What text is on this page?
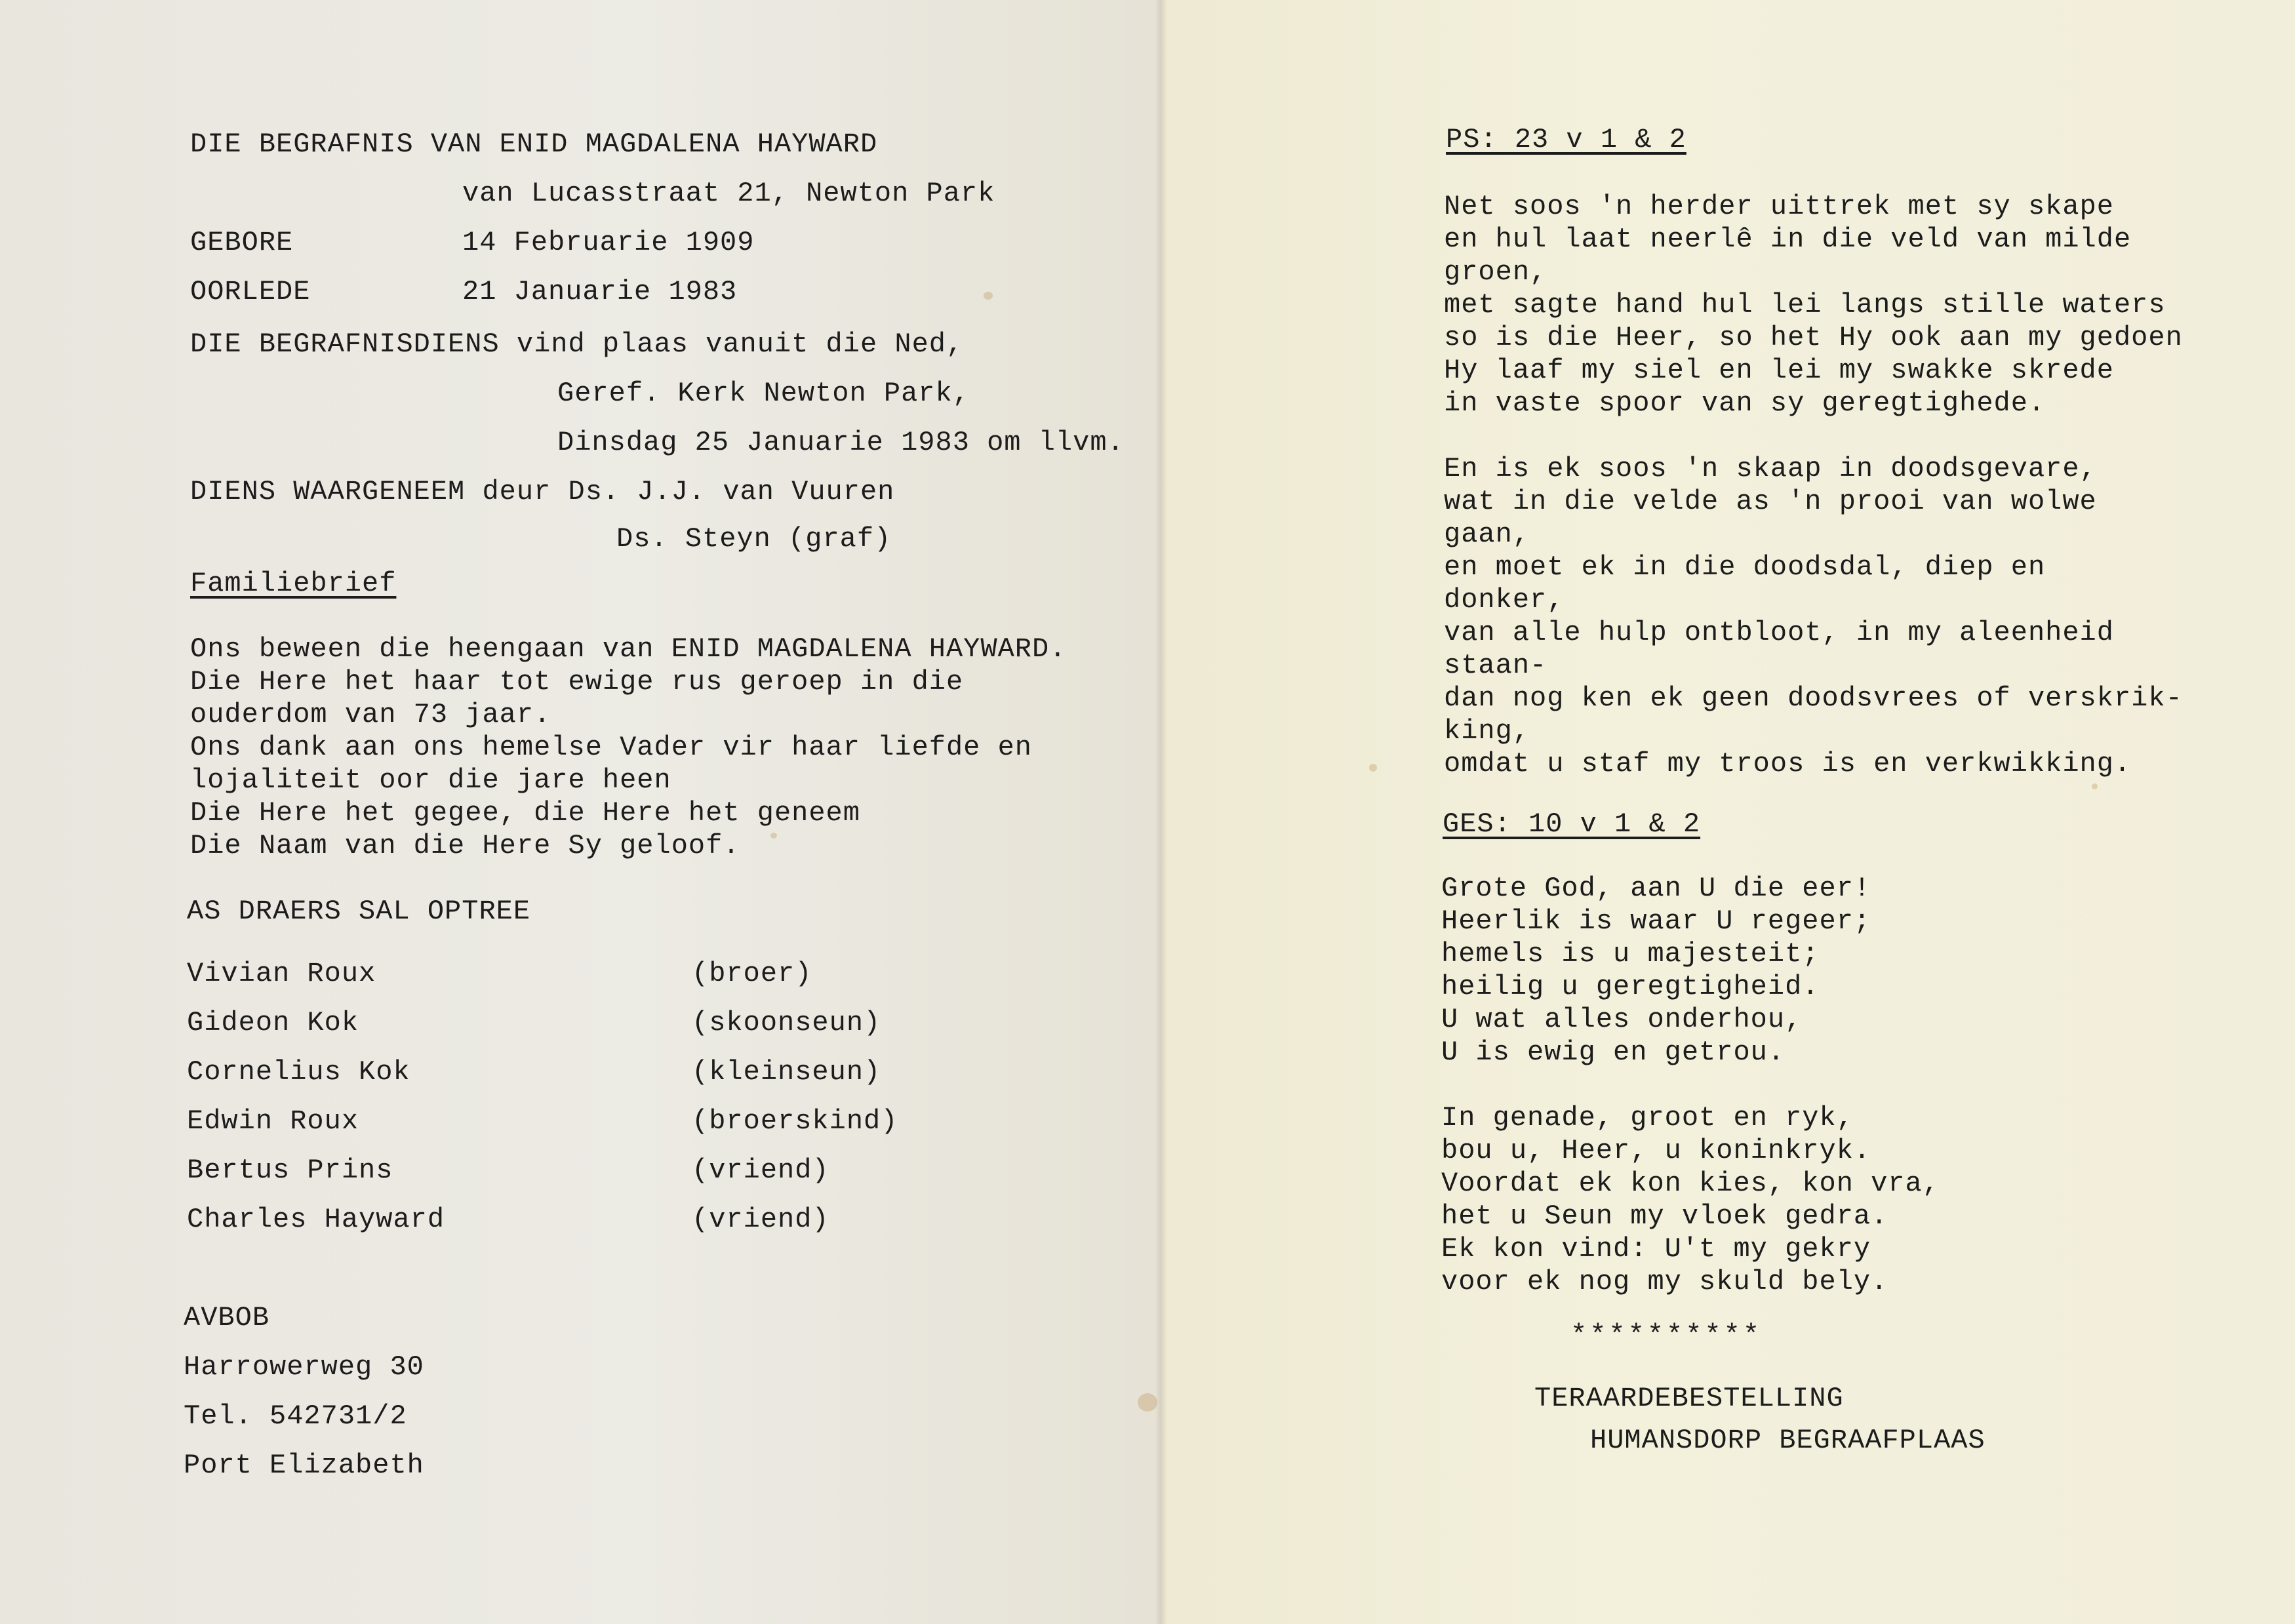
DIE BEGRAFNIS VAN ENID MAGDALENA HAYWARD
van Lucasstraat 21, Newton Park
GEBORE	14 Februarie 1909
OORLEDE	21 Januarie 1983
DIE BEGRAFNISDIENS vind plaas vanuit die Ned,
Geref. Kerk Newton Park,
Dinsdag 25 Januarie 1983 om llvm.
DIENS WAARGENEEM deur Ds. J.J. van Vuuren
Ds. Steyn (graf)
Familiebrief
Ons beween die heengaan van ENID MAGDALENA HAYWARD.
Die Here het haar tot ewige rus geroep in die
ouderdom van 73 jaar.
Ons dank aan ons hemelse Vader vir haar liefde en
lojaliteit oor die jare heen
Die Here het gegee, die Here het geneem
Die Naam van die Here Sy geloof.
AS DRAERS SAL OPTREE
Vivian Roux	(broer)
Gideon Kok	(skoonseun)
Cornelius Kok	(kleinseun)
Edwin Roux	(broerskind)
Bertus Prins	(vriend)
Charles Hayward	(vriend)
AVBOB
Harrowerweg 30
Tel. 542731/2
Port Elizabeth
PS: 23 v 1 & 2
Net soos 'n herder uittrek met sy skape
en hul laat neerlê in die veld van milde
groen,
met sagte hand hul lei langs stille waters
so is die Heer, so het Hy ook aan my gedoen
Hy laaf my siel en lei my swakke skrede
in vaste spoor van sy geregtighede.
En is ek soos 'n skaap in doodsgevare,
wat in die velde as 'n prooi van wolwe
gaan,
en moet ek in die doodsdal, diep en
donker,
van alle hulp ontbloot, in my aleenheid
staan-
dan nog ken ek geen doodsvrees of verskrik-
king,
omdat u staf my troos is en verkwikking.
GES: 10 v 1 & 2
Grote God, aan U die eer!
Heerlik is waar U regeer;
hemels is u majesteit;
heilig u geregtigheid.
U wat alles onderhou,
U is ewig en getrou.
In genade, groot en ryk,
bou u, Heer, u koninkryk.
Voordat ek kon kies, kon vra,
het u Seun my vloek gedra.
Ek kon vind: U't my gekry
voor ek nog my skuld bely.
**********
TERAARDEBESTELLING
HUMANSDORP BEGRAAFPLAAS
